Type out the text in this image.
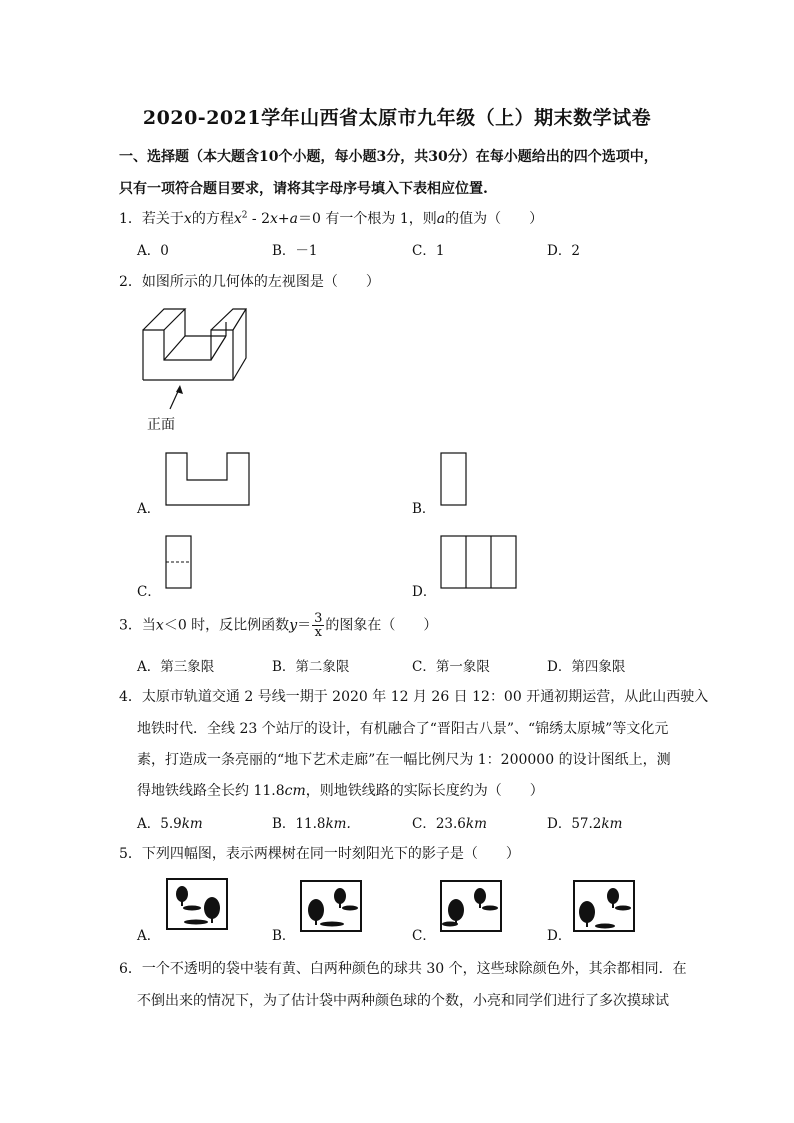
2020-2021学年山西省太原市九年级（上）期末数学试卷
一、选择题（本大题含10个小题，每小题3分，共30分）在每小题给出的四个选项中，
只有一项符合题目要求，请将其字母序号填入下表相应位置.
1．若关于x的方程$x^2 - 2x+a=0$ 有一个根为 1，则a的值为（　　）
A．0	B．－1	C．1	D．2
2．如图所示的几何体的左视图是（　　）
正面
A．	B．
C．	D．
3．当x＜0 时，反比例函数$y= \frac{3}{x}$ 的图象在（　　）
A．第三象限	B．第二象限	C．第一象限	D．第四象限
4．太原市轨道交通 2 号线一期于 2020 年 12 月 26 日 12：00 开通初期运营，从此山西驶入
地铁时代．全线 23 个站厅的设计，有机融合了“晋阳古八景”、“锦绣太原城”等文化元
素，打造成一条亮丽的“地下艺术走廊”在一幅比例尺为 1：200000 的设计图纸上，测
得地铁线路全长约 11.8cm，则地铁线路的实际长度约为（　　）
A．5.9km	B．11.8km.	C．23.6km	D．57.2km
5．下列四幅图，表示两棵树在同一时刻阳光下的影子是（　　）
A．	B．	C．	D．
6．一个不透明的袋中装有黄、白两种颜色的球共 30 个，这些球除颜色外，其余都相同．在
不倒出来的情况下，为了估计袋中两种颜色球的个数，小亮和同学们进行了多次摸球试
